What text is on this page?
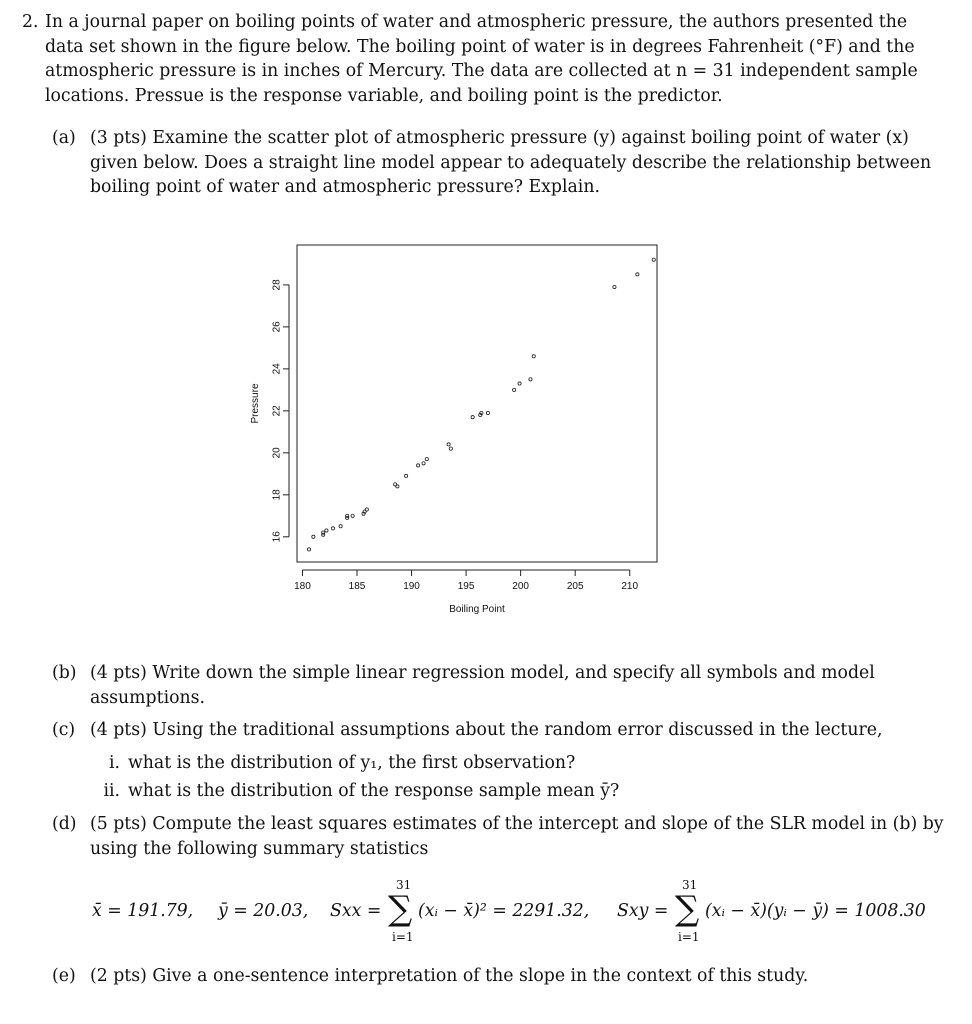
2. In a journal paper on boiling points of water and atmospheric pressure, the authors presented the data set shown in the figure below. The boiling point of water is in degrees Fahrenheit (°F) and the atmospheric pressure is in inches of Mercury. The data are collected at n = 31 independent sample locations. Pressue is the response variable, and boiling point is the predictor.
(a) (3 pts) Examine the scatter plot of atmospheric pressure (y) against boiling point of water (x) given below. Does a straight line model appear to adequately describe the relationship between boiling point of water and atmospheric pressure? Explain.
180	185	190	195	200	205	210
16
18
20
22
24
26
28
Boiling Point
Pressure
(b) (4 pts) Write down the simple linear regression model, and specify all symbols and model assumptions.
(c) (4 pts) Using the traditional assumptions about the random error discussed in the lecture,
i. what is the distribution of y₁, the first observation?
ii. what is the distribution of the response sample mean ȳ?
(d) (5 pts) Compute the least squares estimates of the intercept and slope of the SLR model in (b) by using the following summary statistics
x̄ = 191.79, ȳ = 20.03, Sxx =
31
∑
i=1
(xᵢ − x̄)² = 2291.32, Sxy =
31
∑
i=1
(xᵢ − x̄)(yᵢ − ȳ) = 1008.30
(e) (2 pts) Give a one-sentence interpretation of the slope in the context of this study.
